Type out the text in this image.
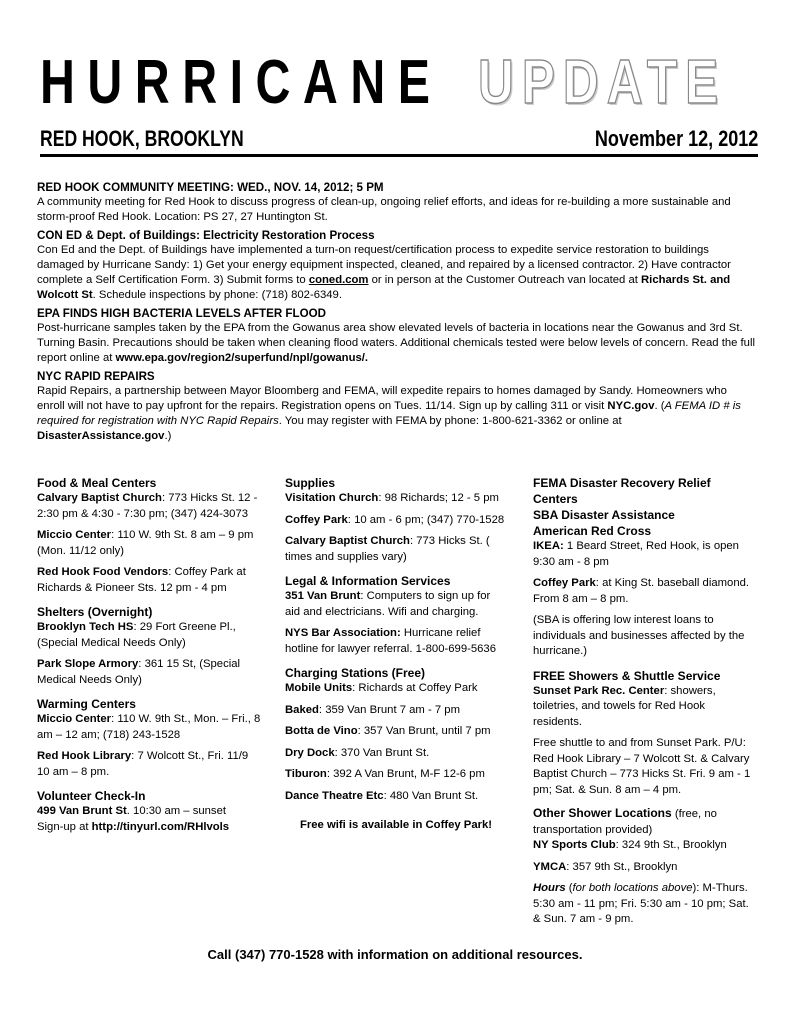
HURRICANE UPDATE
RED HOOK, BROOKLYN	November 12, 2012
RED HOOK COMMUNITY MEETING: WED., NOV. 14, 2012; 5 PM

A community meeting for Red Hook to discuss progress of clean-up, ongoing relief efforts, and ideas for re-building a more sustainable and storm-proof Red Hook. Location: PS 27, 27 Huntington St.

CON ED & Dept. of Buildings: Electricity Restoration Process

Con Ed and the Dept. of Buildings have implemented a turn-on request/certification process to expedite service restoration to buildings damaged by Hurricane Sandy: 1) Get your energy equipment inspected, cleaned, and repaired by a licensed contractor. 2) Have contractor complete a Self Certification Form. 3) Submit forms to coned.com or in person at the Customer Outreach van located at Richards St. and Wolcott St. Schedule inspections by phone: (718) 802-6349.

EPA FINDS HIGH BACTERIA LEVELS AFTER FLOOD

Post-hurricane samples taken by the EPA from the Gowanus area show elevated levels of bacteria in locations near the Gowanus and 3rd St. Turning Basin. Precautions should be taken when cleaning flood waters. Additional chemicals tested were below levels of concern. Read the full report online at www.epa.gov/region2/superfund/npl/gowanus/.

NYC RAPID REPAIRS

Rapid Repairs, a partnership between Mayor Bloomberg and FEMA, will expedite repairs to homes damaged by Sandy. Homeowners who enroll will not have to pay upfront for the repairs. Registration opens on Tues. 11/14. Sign up by calling 311 or visit NYC.gov. (A FEMA ID # is required for registration with NYC Rapid Repairs. You may register with FEMA by phone: 1-800-621-3362 or online at DisasterAssistance.gov.)

Food & Meal Centers

Calvary Baptist Church: 773 Hicks St. 12 - 2:30 pm & 4:30 - 7:30 pm; (347) 424-3073

Miccio Center: 110 W. 9th St. 8 am – 9 pm (Mon. 11/12 only)

Red Hook Food Vendors: Coffey Park at Richards & Pioneer Sts. 12 pm - 4 pm

Shelters (Overnight)

Brooklyn Tech HS: 29 Fort Greene Pl., (Special Medical Needs Only)

Park Slope Armory: 361 15 St, (Special Medical Needs Only)

Warming Centers

Miccio Center: 110 W. 9th St., Mon. – Fri., 8 am – 12 am; (718) 243-1528

Red Hook Library: 7 Wolcott St., Fri. 11/9 10 am – 8 pm.

Volunteer Check-In

499 Van Brunt St. 10:30 am – sunset
Sign-up at http://tinyurl.com/RHlvols

Supplies

Visitation Church: 98 Richards; 12 - 5 pm

Coffey Park: 10 am - 6 pm; (347) 770-1528

Calvary Baptist Church: 773 Hicks St. ( times and supplies vary)

Legal & Information Services

351 Van Brunt: Computers to sign up for aid and electricians. Wifi and charging.

NYS Bar Association: Hurricane relief hotline for lawyer referral. 1-800-699-5636

Charging Stations (Free)

Mobile Units: Richards at Coffey Park

Baked: 359 Van Brunt 7 am - 7 pm

Botta de Vino: 357 Van Brunt, until 7 pm

Dry Dock: 370 Van Brunt St.

Tiburon: 392 A Van Brunt, M-F 12-6 pm

Dance Theatre Etc: 480 Van Brunt St.

Free wifi is available in Coffey Park!
FEMA Disaster Recovery Relief Centers
SBA Disaster Assistance
American Red Cross

IKEA: 1 Beard Street, Red Hook, is open 9:30 am - 8 pm

Coffey Park: at King St. baseball diamond. From 8 am – 8 pm.

(SBA is offering low interest loans to individuals and businesses affected by the hurricane.)

FREE Showers & Shuttle Service

Sunset Park Rec. Center: showers, toiletries, and towels for Red Hook residents.

Free shuttle to and from Sunset Park. P/U: Red Hook Library – 7 Wolcott St. & Calvary Baptist Church – 773 Hicks St. Fri. 9 am - 1 pm; Sat. & Sun. 8 am – 4 pm.

Other Shower Locations (free, no transportation provided)

NY Sports Club: 324 9th St., Brooklyn

YMCA: 357 9th St., Brooklyn

Hours (for both locations above): M-Thurs. 5:30 am - 11 pm; Fri. 5:30 am - 10 pm; Sat. & Sun. 7 am - 9 pm.

Call (347) 770-1528 with information on additional resources.
